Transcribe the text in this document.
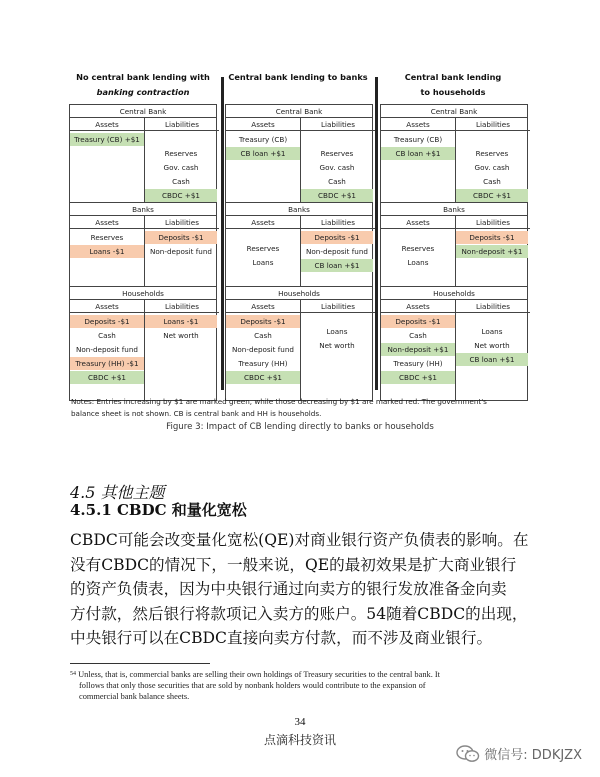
No central bank lending with
banking contraction
Central bank lending to banks	Central bank lending
to households
Central Bank
Assets
Treasury (CB) +$1
Liabilities
Reserves
Gov. cash
Cash
CBDC +$1
Central Bank
Assets
Treasury (CB)
CB loan +$1
Liabilities
Reserves
Gov. cash
Cash
CBDC +$1
Central Bank
Assets
Treasury (CB)
CB loan +$1
Liabilities
Reserves
Gov. cash
Cash
CBDC +$1
Banks
Assets
Reserves
Loans -$1
Liabilities
Deposits -$1
Non-deposit fund
Banks
Assets
Reserves
Loans
Liabilities
Deposits -$1
Non-deposit fund
CB loan +$1
Banks
Assets
Reserves
Loans
Liabilities
Deposits -$1
Non-deposit +$1
Households
Assets
Deposits -$1
Cash
Non-deposit fund
Treasury (HH) -$1
CBDC +$1
Liabilities
Loans -$1
Net worth
Households
Assets
Deposits -$1
Cash
Non-deposit fund
Treasury (HH)
CBDC +$1
Liabilities
Loans
Net worth
Households
Assets
Deposits -$1
Cash
Non-deposit +$1
Treasury (HH)
CBDC +$1
Liabilities
Loans
Net worth
CB loan +$1
Notes: Entries increasing by $1 are marked green, while those decreasing by $1 are marked red. The government's
balance sheet is not shown. CB is central bank and HH is households.
Figure 3: Impact of CB lending directly to banks or households
4.5 其他主题
4.5.1 CBDC 和量化宽松

CBDC可能会改变量化宽松(QE)对商业银行资产负债表的影响。在

没有CBDC的情况下，一般来说，QE的最初效果是扩大商业银行

的资产负债表，因为中央银行通过向卖方的银行发放准备金向卖

方付款，然后银行将款项记入卖方的账户。54随着CBDC的出现，

中央银行可以在CBDC直接向卖方付款，而不涉及商业银行。

$^{54}$ Unless, that is, commercial banks are selling their own holdings of Treasury securities to the central bank. It
follows that only those securities that are sold by nonbank holders would contribute to the expansion of
commercial bank balance sheets.
34
点滴科技资讯
微信号: DDKJZX
